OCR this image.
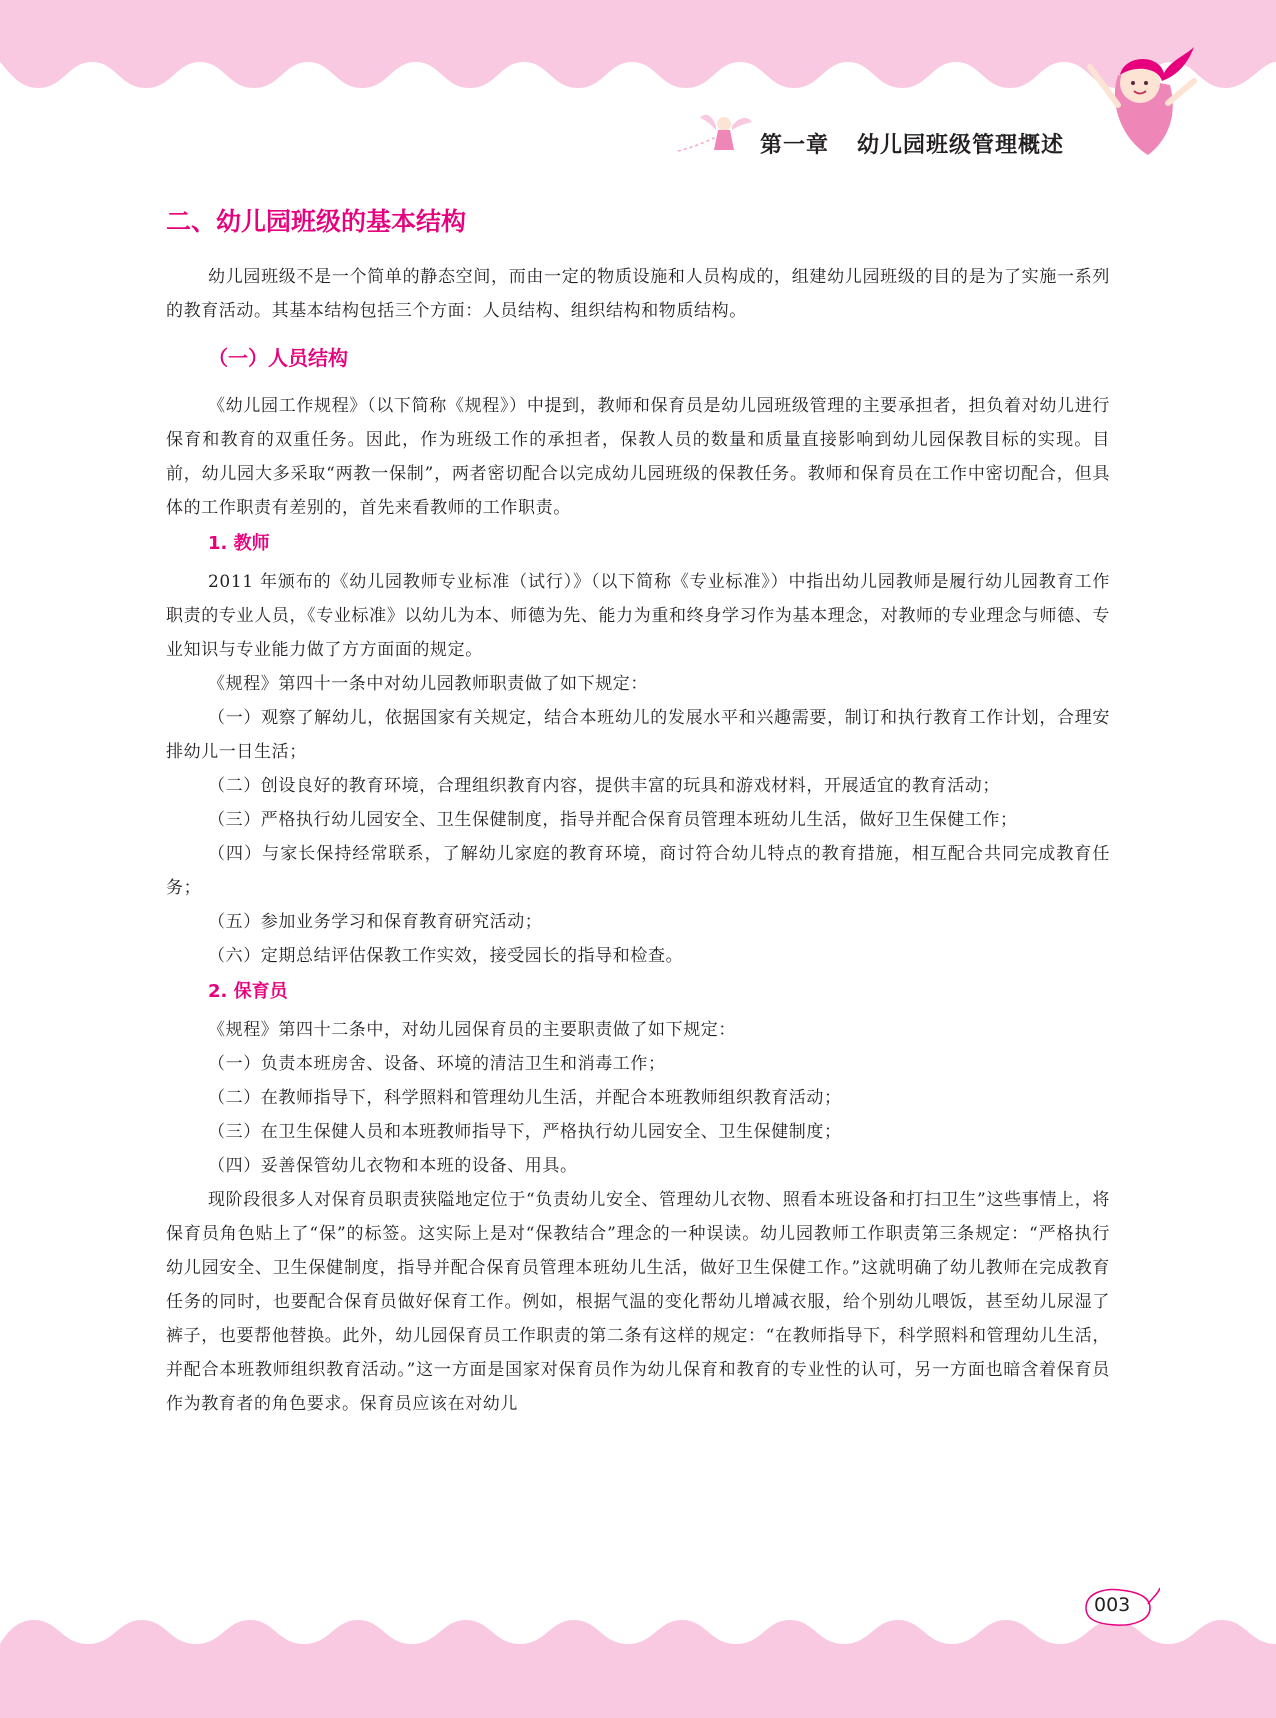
第一章 幼儿园班级管理概述
二、幼儿园班级的基本结构

幼儿园班级不是一个简单的静态空间，而由一定的物质设施和人员构成的，组建幼儿园班级的目的是为了实施一系列的教育活动。其基本结构包括三个方面：人员结构、组织结构和物质结构。

（一）人员结构

《幼儿园工作规程》（以下简称《规程》）中提到，教师和保育员是幼儿园班级管理的主要承担者，担负着对幼儿进行保育和教育的双重任务。因此，作为班级工作的承担者，保教人员的数量和质量直接影响到幼儿园保教目标的实现。目前，幼儿园大多采取“两教一保制”，两者密切配合以完成幼儿园班级的保教任务。教师和保育员在工作中密切配合，但具体的工作职责有差别的，首先来看教师的工作职责。

1. 教师

2011 年颁布的《幼儿园教师专业标准（试行）》（以下简称《专业标准》）中指出幼儿园教师是履行幼儿园教育工作职责的专业人员，《专业标准》以幼儿为本、师德为先、能力为重和终身学习作为基本理念，对教师的专业理念与师德、专业知识与专业能力做了方方面面的规定。

《规程》第四十一条中对幼儿园教师职责做了如下规定：

（一）观察了解幼儿，依据国家有关规定，结合本班幼儿的发展水平和兴趣需要，制订和执行教育工作计划，合理安排幼儿一日生活；

（二）创设良好的教育环境，合理组织教育内容，提供丰富的玩具和游戏材料，开展适宜的教育活动；

（三）严格执行幼儿园安全、卫生保健制度，指导并配合保育员管理本班幼儿生活，做好卫生保健工作；

（四）与家长保持经常联系，了解幼儿家庭的教育环境，商讨符合幼儿特点的教育措施，相互配合共同完成教育任务；

（五）参加业务学习和保育教育研究活动；

（六）定期总结评估保教工作实效，接受园长的指导和检查。

2. 保育员

《规程》第四十二条中，对幼儿园保育员的主要职责做了如下规定：

（一）负责本班房舍、设备、环境的清洁卫生和消毒工作；

（二）在教师指导下，科学照料和管理幼儿生活，并配合本班教师组织教育活动；

（三）在卫生保健人员和本班教师指导下，严格执行幼儿园安全、卫生保健制度；

（四）妥善保管幼儿衣物和本班的设备、用具。

现阶段很多人对保育员职责狭隘地定位于“负责幼儿安全、管理幼儿衣物、照看本班设备和打扫卫生”这些事情上，将保育员角色贴上了“保”的标签。这实际上是对“保教结合”理念的一种误读。幼儿园教师工作职责第三条规定：“严格执行幼儿园安全、卫生保健制度，指导并配合保育员管理本班幼儿生活，做好卫生保健工作。”这就明确了幼儿教师在完成教育任务的同时，也要配合保育员做好保育工作。例如，根据气温的变化帮幼儿增减衣服，给个别幼儿喂饭，甚至幼儿尿湿了裤子，也要帮他替换。此外，幼儿园保育员工作职责的第二条有这样的规定：“在教师指导下，科学照料和管理幼儿生活，并配合本班教师组织教育活动。”这一方面是国家对保育员作为幼儿保育和教育的专业性的认可，另一方面也暗含着保育员作为教育者的角色要求。保育员应该在对幼儿

003
